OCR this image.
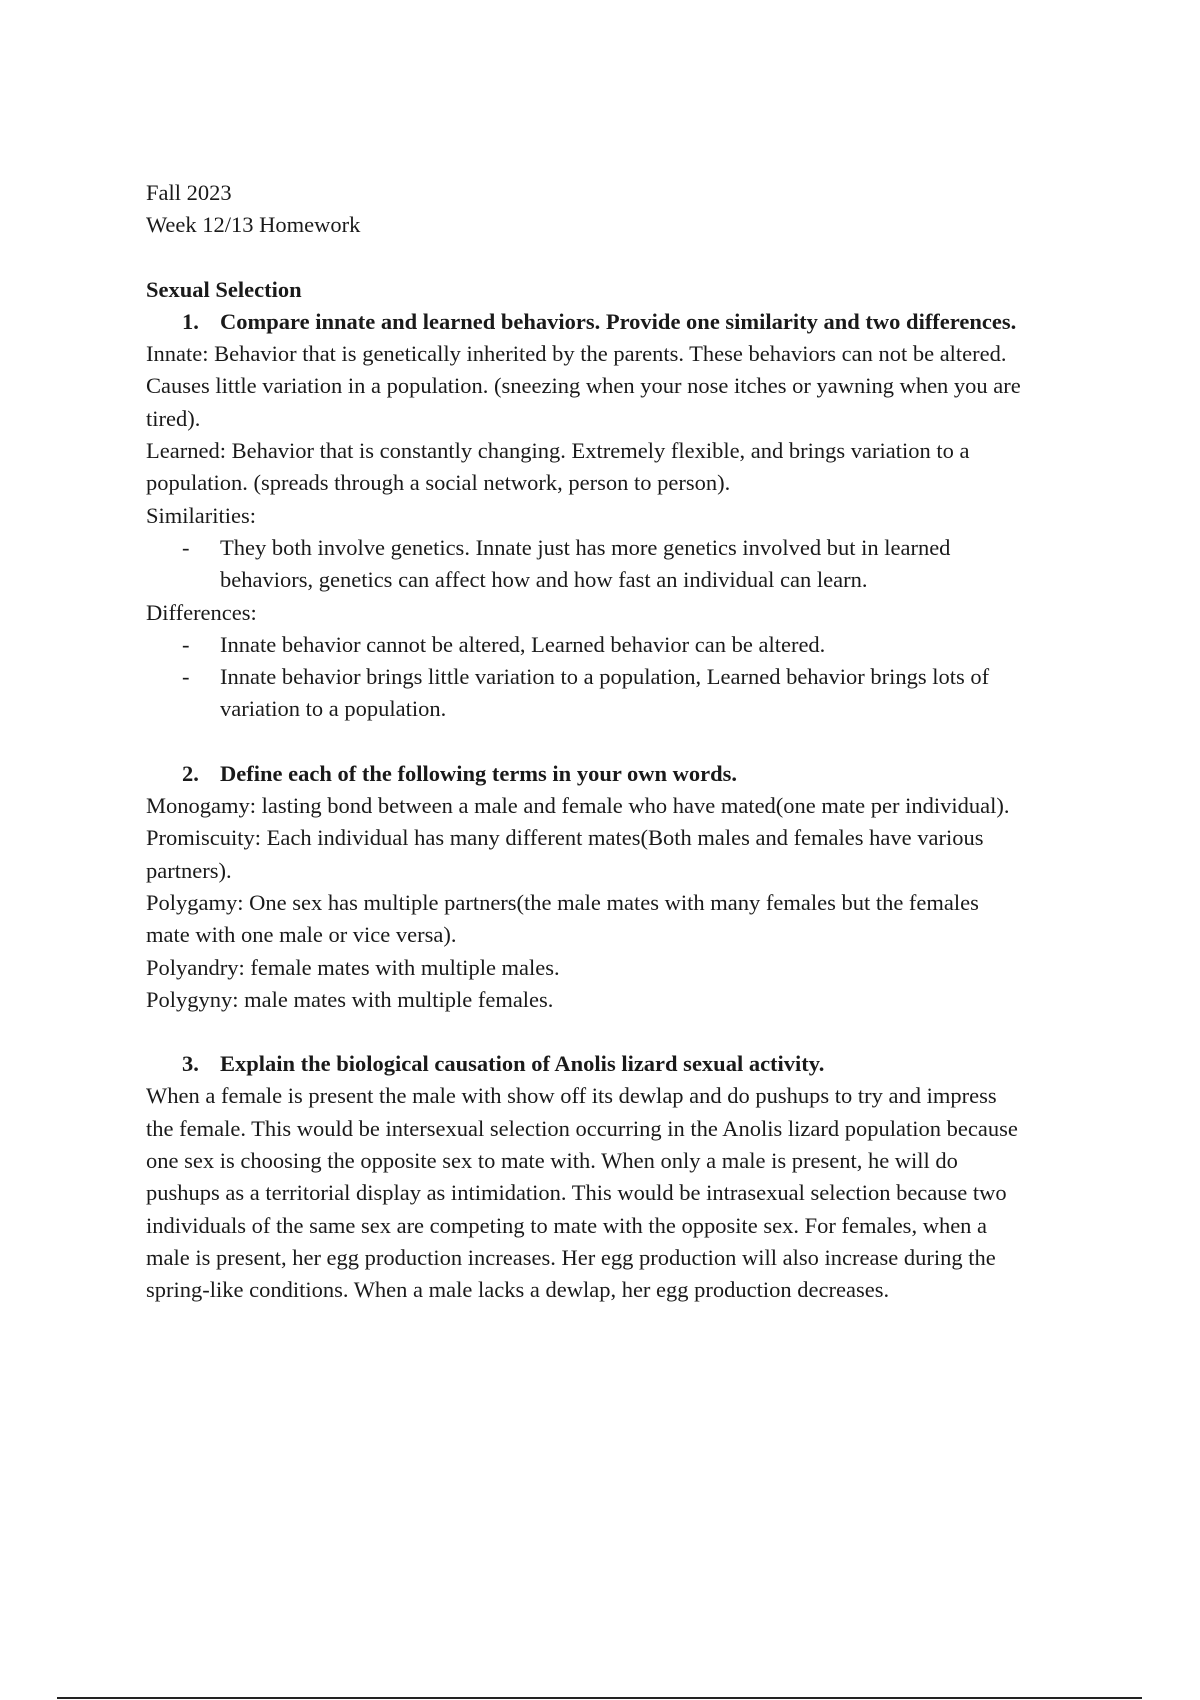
Fall 2023
Week 12/13 Homework
Sexual Selection
1. Compare innate and learned behaviors. Provide one similarity and two differences.
Innate: Behavior that is genetically inherited by the parents. These behaviors can not be altered.
Causes little variation in a population. (sneezing when your nose itches or yawning when you are
tired).
Learned: Behavior that is constantly changing. Extremely flexible, and brings variation to a
population. (spreads through a social network, person to person).
Similarities:
-	They both involve genetics. Innate just has more genetics involved but in learned
behaviors, genetics can affect how and how fast an individual can learn.
Differences:
-	Innate behavior cannot be altered, Learned behavior can be altered.
-	Innate behavior brings little variation to a population, Learned behavior brings lots of
variation to a population.
2. Define each of the following terms in your own words.
Monogamy: lasting bond between a male and female who have mated(one mate per individual).
Promiscuity: Each individual has many different mates(Both males and females have various
partners).
Polygamy: One sex has multiple partners(the male mates with many females but the females
mate with one male or vice versa).
Polyandry: female mates with multiple males.
Polygyny: male mates with multiple females.
3. Explain the biological causation of Anolis lizard sexual activity.
When a female is present the male with show off its dewlap and do pushups to try and impress
the female. This would be intersexual selection occurring in the Anolis lizard population because
one sex is choosing the opposite sex to mate with. When only a male is present, he will do
pushups as a territorial display as intimidation. This would be intrasexual selection because two
individuals of the same sex are competing to mate with the opposite sex. For females, when a
male is present, her egg production increases. Her egg production will also increase during the
spring-like conditions. When a male lacks a dewlap, her egg production decreases.
